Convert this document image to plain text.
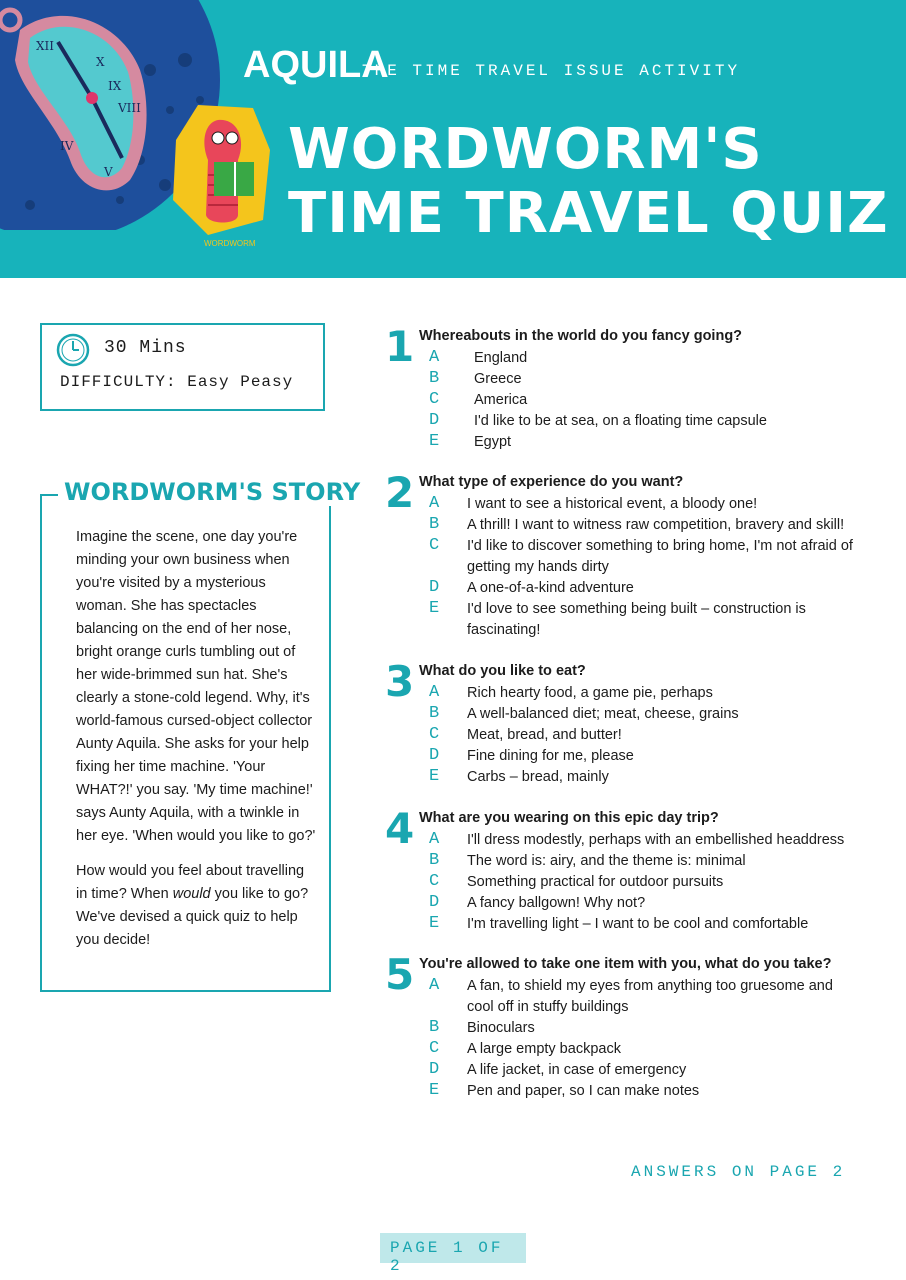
XII
X
IX
VIII
IV
V
WORDWORM
AQUILA
THE TIME TRAVEL ISSUE ACTIVITY
WORDWORM'S
TIME TRAVEL QUIZ
30 Mins
DIFFICULTY: Easy Peasy
WORDWORM'S STORY

Imagine the scene, one day you're minding your own business when you're visited by a mysterious woman. She has spectacles balancing on the end of her nose, bright orange curls tumbling out of her wide-brimmed sun hat. She's clearly a stone-cold legend. Why, it's world-famous cursed-object collector Aunty Aquila. She asks for your help fixing her time machine. 'Your WHAT?!' you say. 'My time machine!' says Aunty Aquila, with a twinkle in her eye. 'When would you like to go?'

How would you feel about travelling in time? When would you like to go? We've devised a quick quiz to help you decide!

1 Whereabouts in the world do you fancy going?
A England
B Greece
C America
D I'd like to be at sea, on a floating time capsule
E Egypt
2 What type of experience do you want?
A I want to see a historical event, a bloody one!
B A thrill! I want to witness raw competition, bravery and skill!
C I'd like to discover something to bring home, I'm not afraid of getting my hands dirty
D A one-of-a-kind adventure
E I'd love to see something being built – construction is fascinating!
3 What do you like to eat?
A Rich hearty food, a game pie, perhaps
B A well-balanced diet; meat, cheese, grains
C Meat, bread, and butter!
D Fine dining for me, please
E Carbs – bread, mainly
4 What are you wearing on this epic day trip?
A I'll dress modestly, perhaps with an embellished headdress
B The word is: airy, and the theme is: minimal
C Something practical for outdoor pursuits
D A fancy ballgown! Why not?
E I'm travelling light – I want to be cool and comfortable
5 You're allowed to take one item with you, what do you take?
A A fan, to shield my eyes from anything too gruesome and cool off in stuffy buildings
B Binoculars
C A large empty backpack
D A life jacket, in case of emergency
E Pen and paper, so I can make notes
ANSWERS ON PAGE 2
PAGE 1 OF 2
